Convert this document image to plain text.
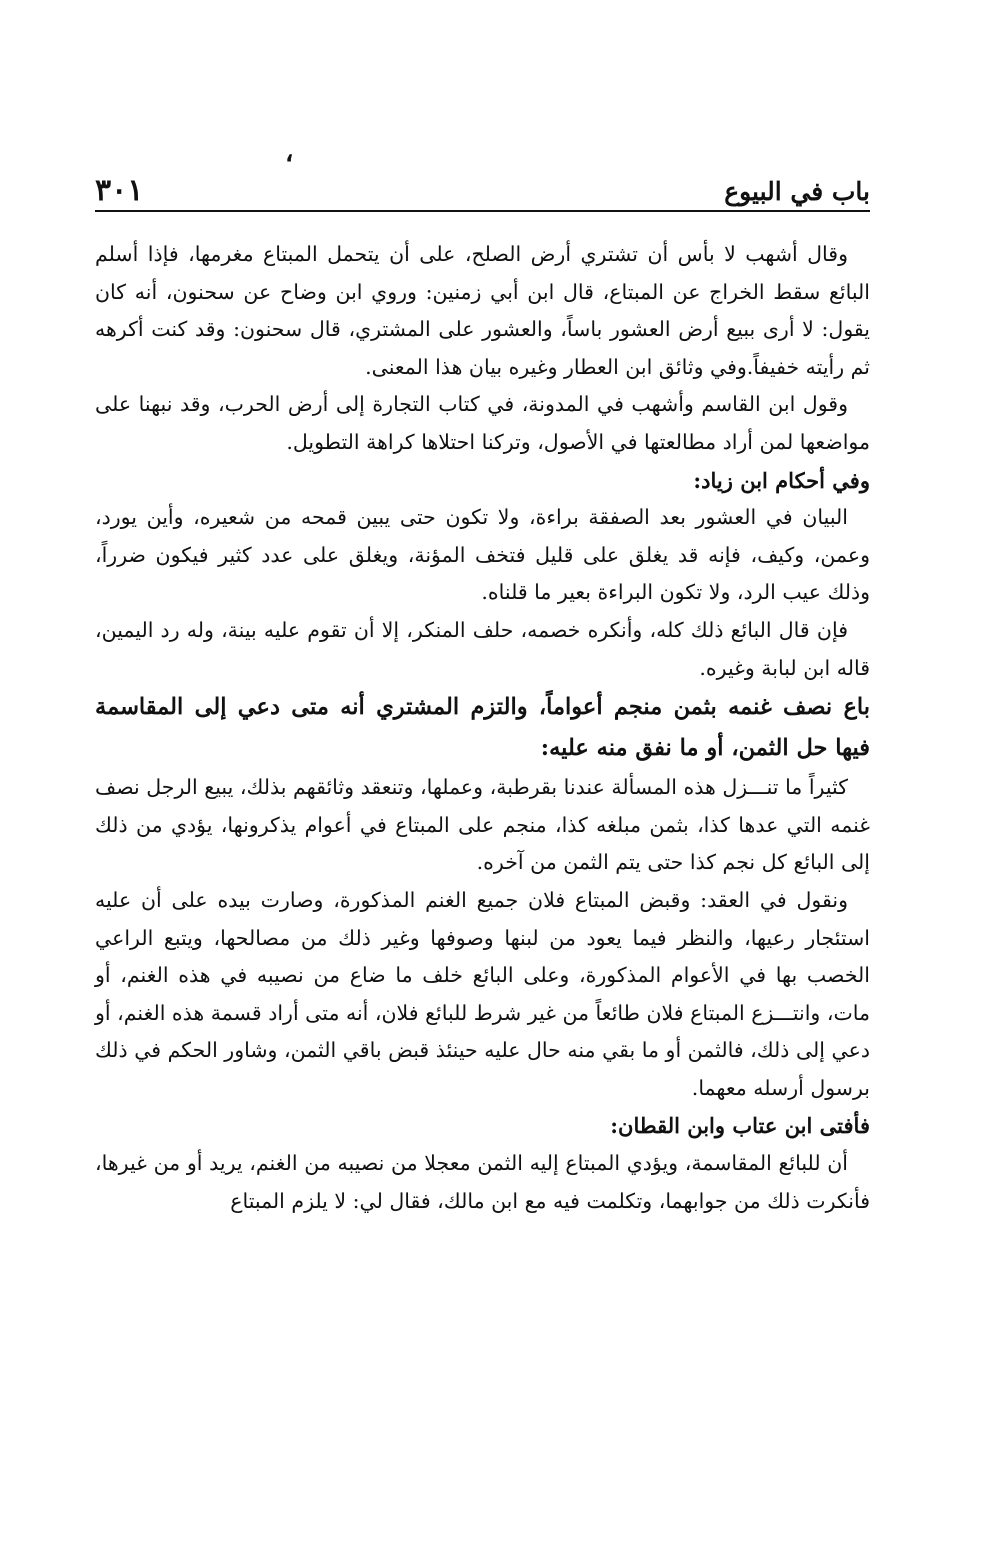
،
باب في البيوع
٣٠١

وقال أشهب لا بأس أن تشتري أرض الصلح، على أن يتحمل المبتاع مغرمها، فإذا أسلم البائع سقط الخراج عن المبتاع، قال ابن أبي زمنين: وروي ابن وضاح عن سحنون، أنه كان يقول: لا أرى ببيع أرض العشور باساً، والعشور على المشتري، قال سحنون: وقد كنت أكرهه ثم رأيته خفيفاً.وفي وثائق ابن العطار وغيره بيان هذا المعنى.

وقول ابن القاسم وأشهب في المدونة، في كتاب التجارة إلى أرض الحرب، وقد نبهنا على مواضعها لمن أراد مطالعتها في الأصول، وتركنا احتلاها كراهة التطويل.

وفي أحكام ابن زياد:

البيان في العشور بعد الصفقة براءة، ولا تكون حتى يبين قمحه من شعيره، وأين يورد، وعمن، وكيف، فإنه قد يغلق على قليل فتخف المؤنة، ويغلق على عدد كثير فيكون ضرراً، وذلك عيب الرد، ولا تكون البراءة بعير ما قلناه.

فإن قال البائع ذلك كله، وأنكره خصمه، حلف المنكر، إلا أن تقوم عليه بينة، وله رد اليمين، قاله ابن لبابة وغيره.

باع نصف غنمه بثمن منجم أعواماً، والتزم المشتري أنه متى دعي إلى المقاسمة فيها حل الثمن، أو ما نفق منه عليه:

كثيراً ما تنـــزل هذه المسألة عندنا بقرطبة، وعملها، وتنعقد وثائقهم بذلك، يبيع الرجل نصف غنمه التي عدها كذا، بثمن مبلغه كذا، منجم على المبتاع في أعوام يذكرونها، يؤدي من ذلك إلى البائع كل نجم كذا حتى يتم الثمن من آخره.

ونقول في العقد: وقبض المبتاع فلان جميع الغنم المذكورة، وصارت بيده على أن عليه استئجار رعيها، والنظر فيما يعود من لبنها وصوفها وغير ذلك من مصالحها، ويتبع الراعي الخصب بها في الأعوام المذكورة، وعلى البائع خلف ما ضاع من نصيبه في هذه الغنم، أو مات، وانتـــزع المبتاع فلان طائعاً من غير شرط للبائع فلان، أنه متى أراد قسمة هذه الغنم، أو دعي إلى ذلك، فالثمن أو ما بقي منه حال عليه حينئذ قبض باقي الثمن، وشاور الحكم في ذلك برسول أرسله معهما.

فأفتى ابن عتاب وابن القطان:

أن للبائع المقاسمة، ويؤدي المبتاع إليه الثمن معجلا من نصيبه من الغنم، يريد أو من غيرها، فأنكرت ذلك من جوابهما، وتكلمت فيه مع ابن مالك، فقال لي: لا يلزم المبتاع
